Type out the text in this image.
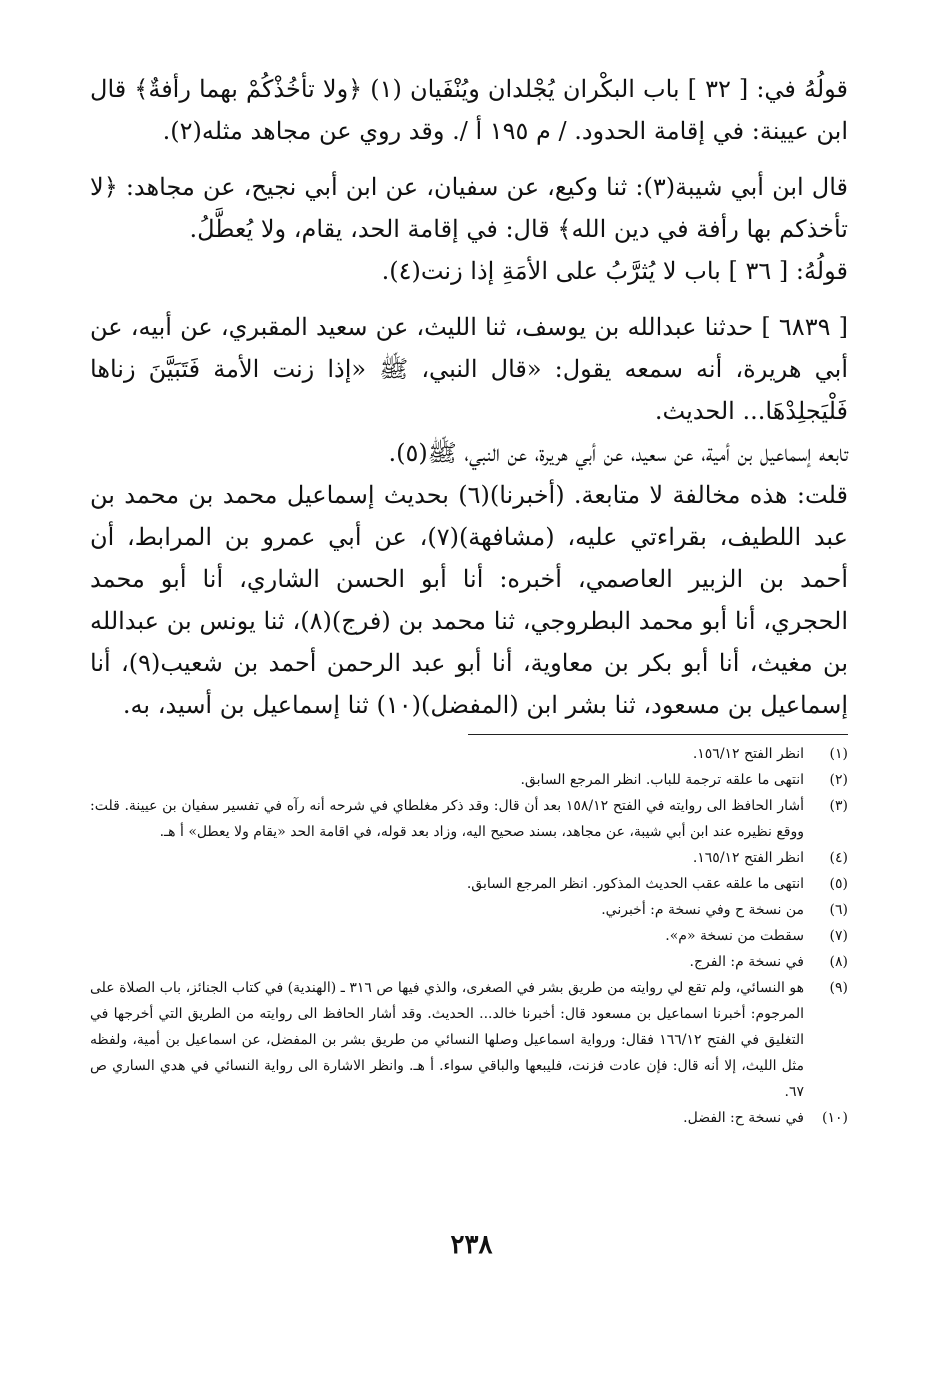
قولُهُ في: [ ٣٢ ] باب البكْران يُجْلدان ويُنْفَيان (١) ﴿ولا تأخُذْكُمْ بهما رأفةٌ﴾ قال ابن عيينة: في إقامة الحدود. / م ١٩٥ أ /. وقد روي عن مجاهد مثله(٢).

قال ابن أبي شيبة(٣): ثنا وكيع، عن سفيان، عن ابن أبي نجيح، عن مجاهد: ﴿لا تأخذكم بها رأفة في دين الله﴾ قال: في إقامة الحد، يقام، ولا يُعطَّلُ.

قولُهُ: [ ٣٦ ] باب لا يُثرَّبُ على الأمَةِ إذا زنت(٤).

[ ٦٨٣٩ ] حدثنا عبدالله بن يوسف، ثنا الليث، عن سعيد المقبري، عن أبيه، عن أبي هريرة، أنه سمعه يقول: «قال النبي، ﷺ «إذا زنت الأمة فَتَبَيَّنَ زناها فَلْيَجلِدْهَا... الحديث.

تابعه إسماعيل بن أمية، عن سعيد، عن أبي هريرة، عن النبي، ﷺ(٥).

قلت: هذه مخالفة لا متابعة. (أخبرنا)(٦) بحديث إسماعيل محمد بن محمد بن عبد اللطيف، بقراءتي عليه، (مشافهة)(٧)، عن أبي عمرو بن المرابط، أن أحمد بن الزبير العاصمي، أخبره: أنا أبو الحسن الشاري، أنا أبو محمد الحجري، أنا أبو محمد البطروجي، ثنا محمد بن (فرج)(٨)، ثنا يونس بن عبدالله بن مغيث، أنا أبو بكر بن معاوية، أنا أبو عبد الرحمن أحمد بن شعيب(٩)، أنا إسماعيل بن مسعود، ثنا بشر ابن (المفضل)(١٠) ثنا إسماعيل بن أسيد، به.

(١)
انظر الفتح ١٥٦/١٢.
(٢)
انتهى ما علقه ترجمة للباب. انظر المرجع السابق.
(٣)
أشار الحافظ الى روايته في الفتح ١٥٨/١٢ بعد أن قال: وقد ذكر مغلطاي في شرحه أنه رآه في تفسير سفيان بن عيينة. قلت: ووقع نظيره عند ابن أبي شيبة، عن مجاهد، بسند صحيح اليه، وزاد بعد قوله، في اقامة الحد «يقام ولا يعطل» أ هـ.
(٤)
انظر الفتح ١٦٥/١٢.
(٥)
انتهى ما علقه عقب الحديث المذكور. انظر المرجع السابق.
(٦)
من نسخة ح وفي نسخة م: أخبرني.
(٧)
سقطت من نسخة «م».
(٨)
في نسخة م: الفرج.
(٩)
هو النسائي، ولم تقع لي روايته من طريق بشر في الصغرى، والذي فيها ص ٣١٦ ـ (الهندية) في كتاب الجنائز، باب الصلاة على المرجوم: أخبرنا اسماعيل بن مسعود قال: أخبرنا خالد... الحديث. وقد أشار الحافظ الى روايته من الطريق التي أخرجها في التغليق في الفتح ١٦٦/١٢ فقال: ورواية اسماعيل وصلها النسائي من طريق بشر بن المفضل، عن اسماعيل بن أمية، ولفظه مثل الليث، إلا أنه قال: فإن عادت فزنت، فليبعها والباقي سواء. أ هـ. وانظر الاشارة الى رواية النسائي في هدي الساري ص ٦٧.
(١٠)
في نسخة ح: الفضل.
٢٣٨
